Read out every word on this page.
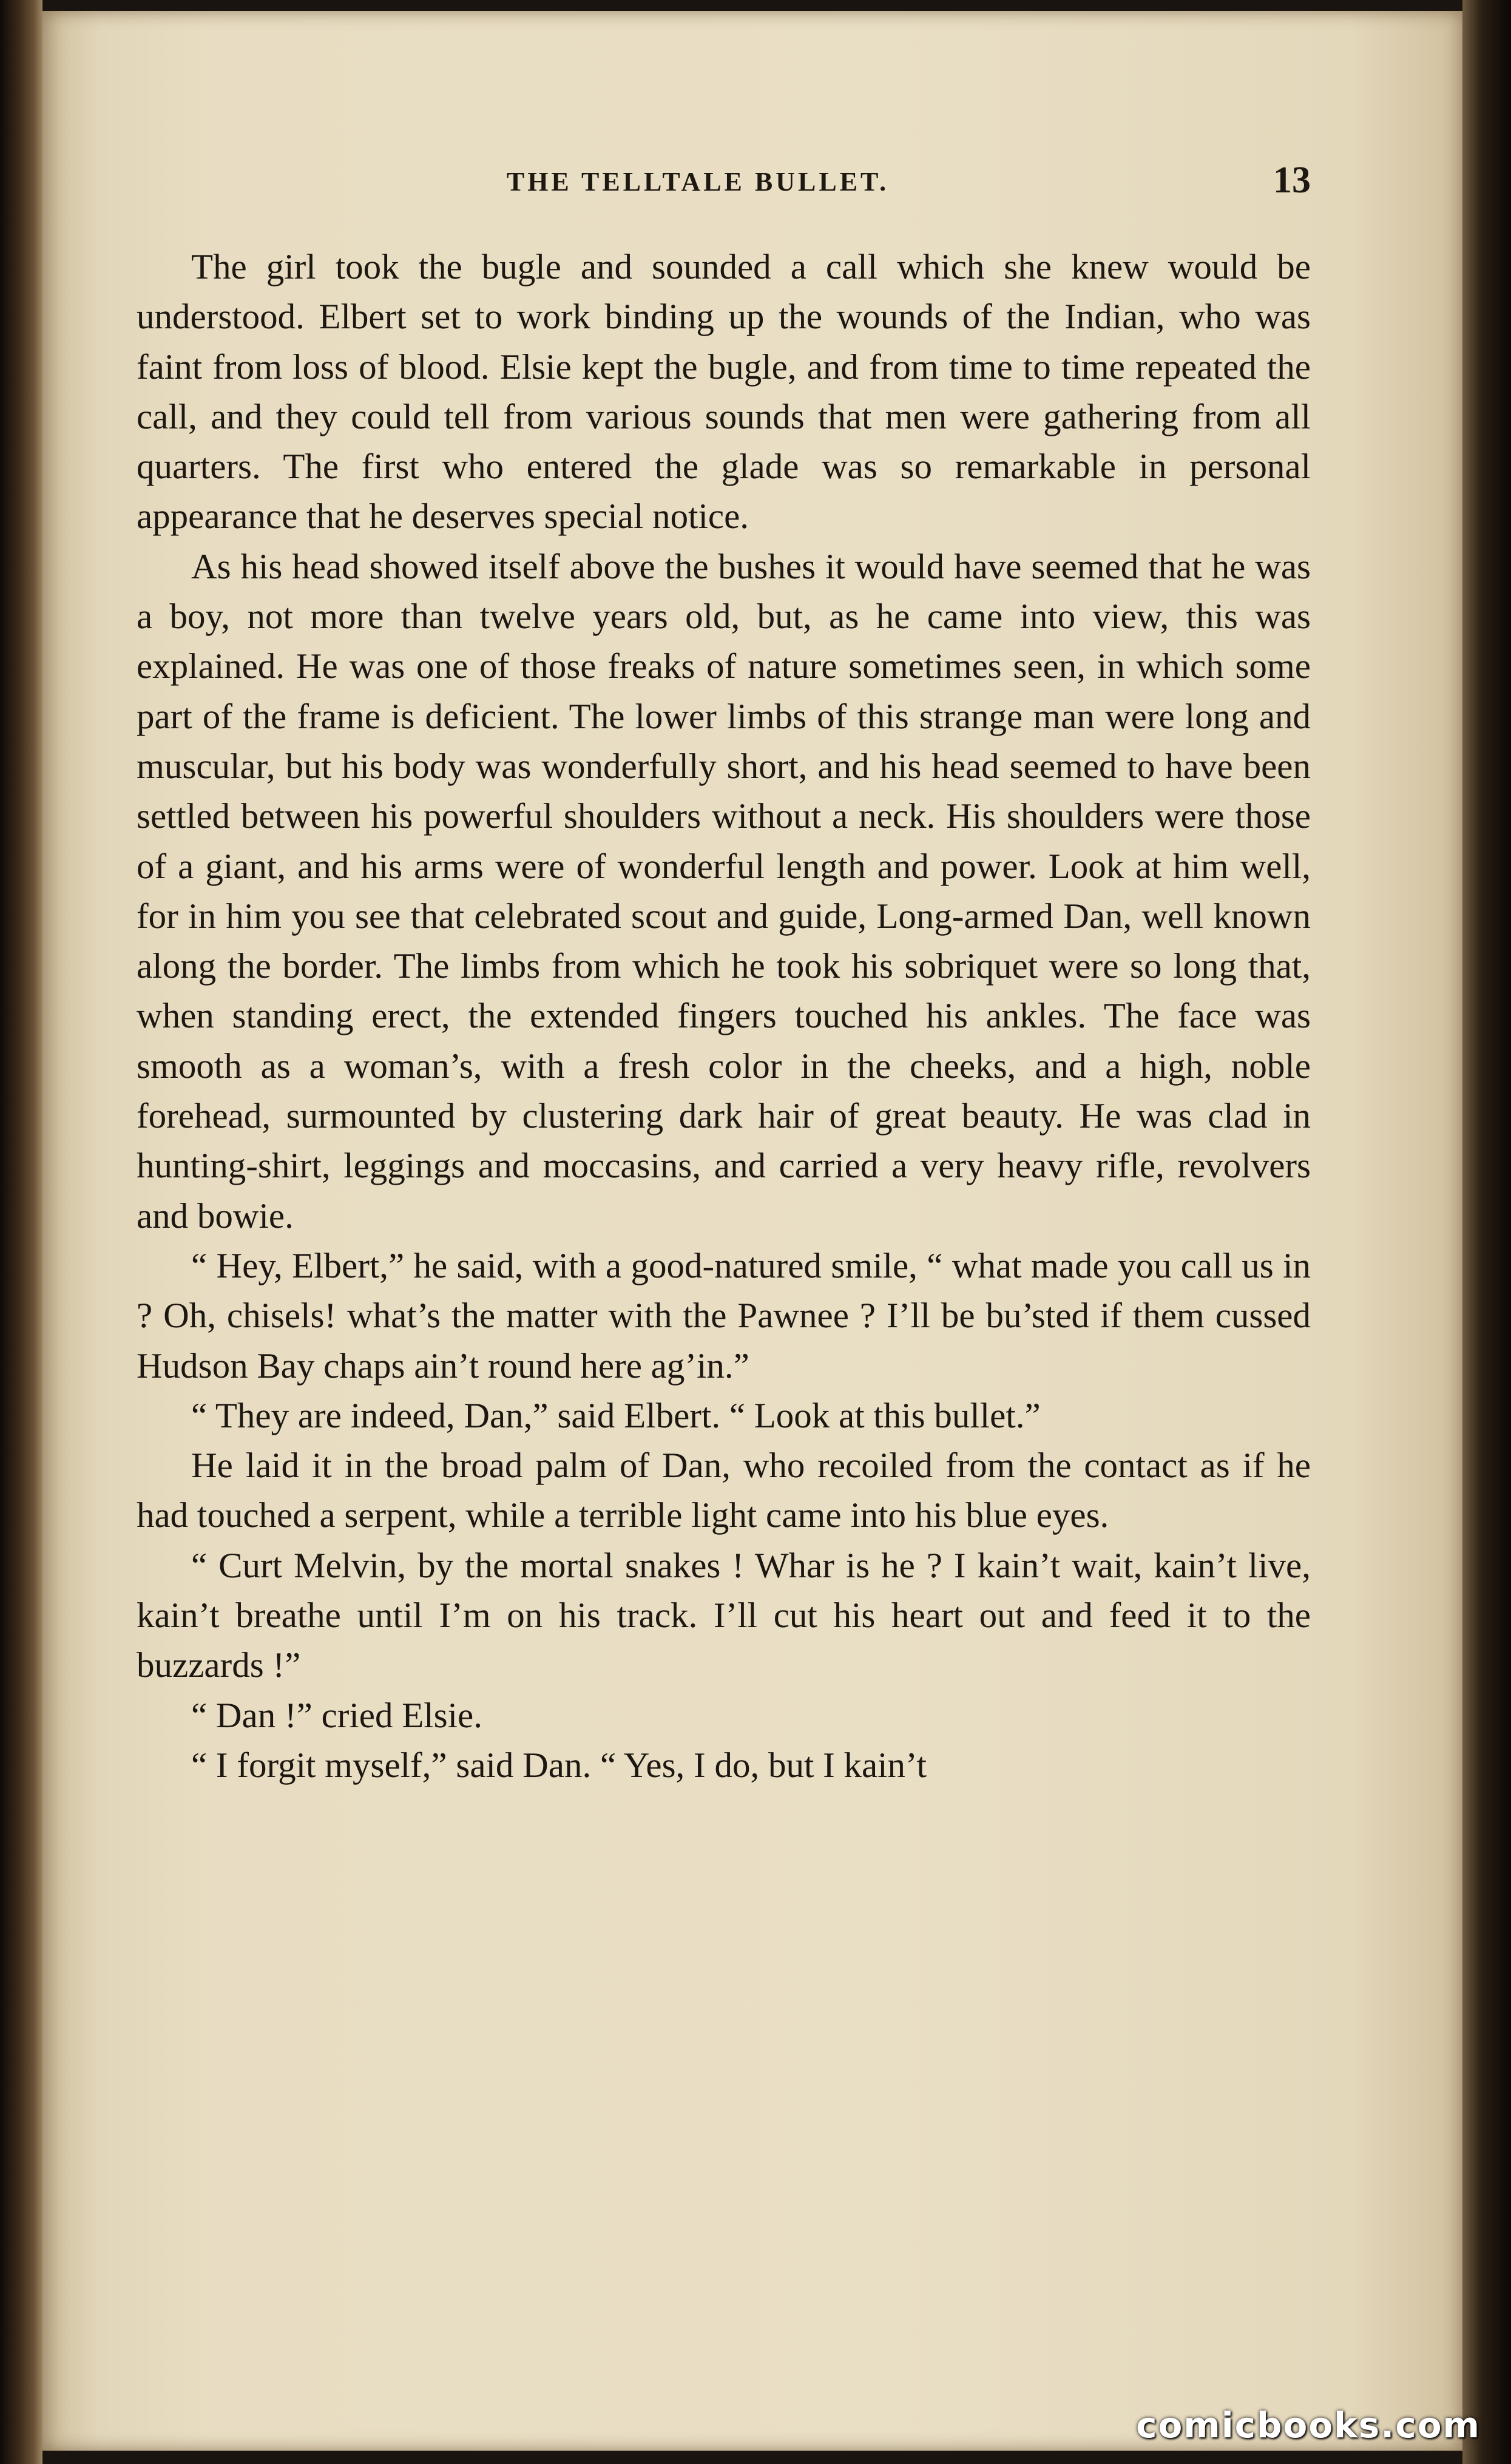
THE TELLTALE BULLET.	13

The girl took the bugle and sounded a call which she knew would be understood. Elbert set to work binding up the wounds of the Indian, who was faint from loss of blood. Elsie kept the bugle, and from time to time repeated the call, and they could tell from various sounds that men were gathering from all quarters. The first who entered the glade was so remarkable in personal appearance that he deserves special notice.

As his head showed itself above the bushes it would have seemed that he was a boy, not more than twelve years old, but, as he came into view, this was explained. He was one of those freaks of nature sometimes seen, in which some part of the frame is deficient. The lower limbs of this strange man were long and muscular, but his body was wonderfully short, and his head seemed to have been settled between his powerful shoulders without a neck. His shoulders were those of a giant, and his arms were of wonderful length and power. Look at him well, for in him you see that celebrated scout and guide, Long-armed Dan, well known along the border. The limbs from which he took his sobriquet were so long that, when standing erect, the extended fingers touched his ankles. The face was smooth as a woman’s, with a fresh color in the cheeks, and a high, noble forehead, surmounted by clustering dark hair of great beauty. He was clad in hunting-shirt, leggings and moccasins, and carried a very heavy rifle, revolvers and bowie.

“ Hey, Elbert,” he said, with a good-natured smile, “ what made you call us in ? Oh, chisels! what’s the matter with the Pawnee ? I’ll be bu’sted if them cussed Hudson Bay chaps ain’t round here ag’in.”

“ They are indeed, Dan,” said Elbert. “ Look at this bullet.”

He laid it in the broad palm of Dan, who recoiled from the contact as if he had touched a serpent, while a terrible light came into his blue eyes.

“ Curt Melvin, by the mortal snakes ! Whar is he ? I kain’t wait, kain’t live, kain’t breathe until I’m on his track. I’ll cut his heart out and feed it to the buzzards !”

“ Dan !” cried Elsie.

“ I forgit myself,” said Dan. “ Yes, I do, but I kain’t

comicbooks.com
